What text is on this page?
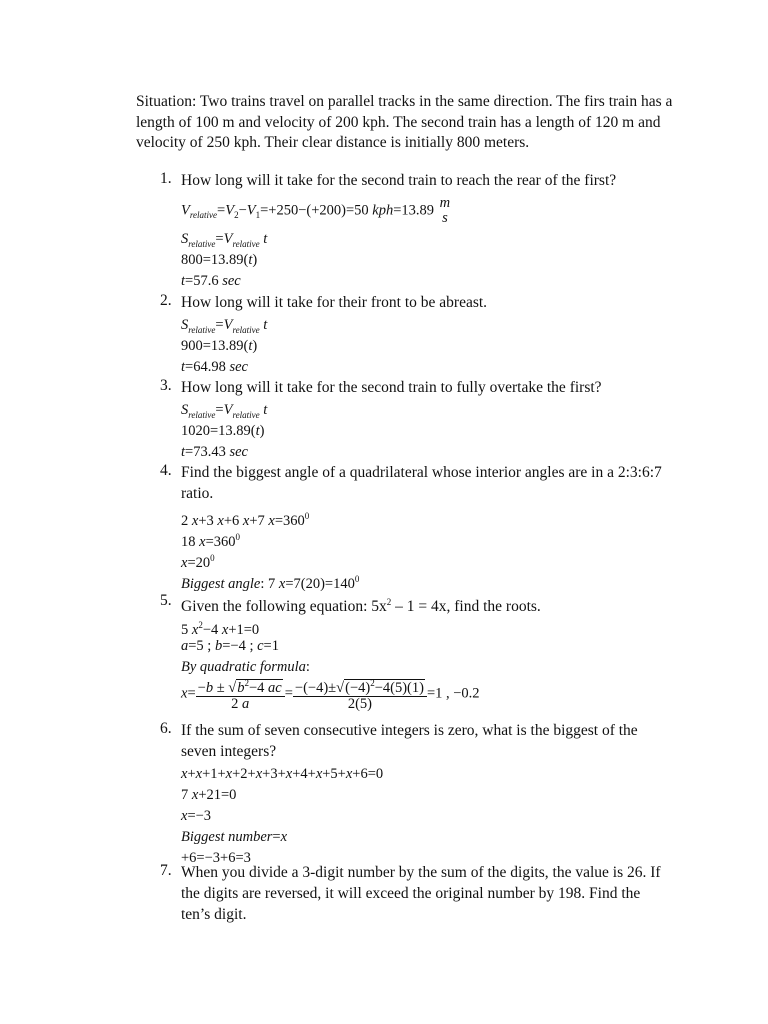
Situation: Two trains travel on parallel tracks in the same direction. The firs train has a length of 100 m and velocity of 200 kph. The second train has a length of 120 m and velocity of 250 kph. Their clear distance is initially 800 meters.
1. How long will it take for the second train to reach the rear of the first?
$V_{relative}=V_2-V_1=+250-(+200)=50$ kph=13.89 m
s
$S_{relative}=V_{relative}$ t
800=13.89(t)
t=57.6 sec
2. How long will it take for their front to be abreast.
$S_{relative}=V_{relative}$ t
900=13.89(t)
t=64.98 sec
3. How long will it take for the second train to fully overtake the first?
$S_{relative}=V_{relative}$ t
1020=13.89(t)
t=73.43 sec
4. Find the biggest angle of a quadrilateral whose interior angles are in a 2:3:6:7
ratio.
2 x+3 x+6 x+7 $x=360^0$
18 $x=360^0$
$x=20^0$
Biggest angle: 7 $x=7(20)=140^0$
5. Given the following equation: $5x^2 - 1 = 4x$, find the roots.
5 $x^2-4$ x+1=0
a=5 ; b=−4 ; c=1
By quadratic formula:
$x= \frac{-b \pm √b^2-4 ac}{2 a} = \frac{-(-4)\pm√(-4)^2-4(5)(1)}{2(5)} =1$ , −0.2
6. If the sum of seven consecutive integers is zero, what is the biggest of the
seven integers?
x+x+1+x+2+x+3+x+4+x+5+x+6=0
7 x+21=0
x=−3
Biggest number=x
+6=−3+6=3
7. When you divide a 3-digit number by the sum of the digits, the value is 26. If
the digits are reversed, it will exceed the original number by 198. Find the
ten’s digit.
